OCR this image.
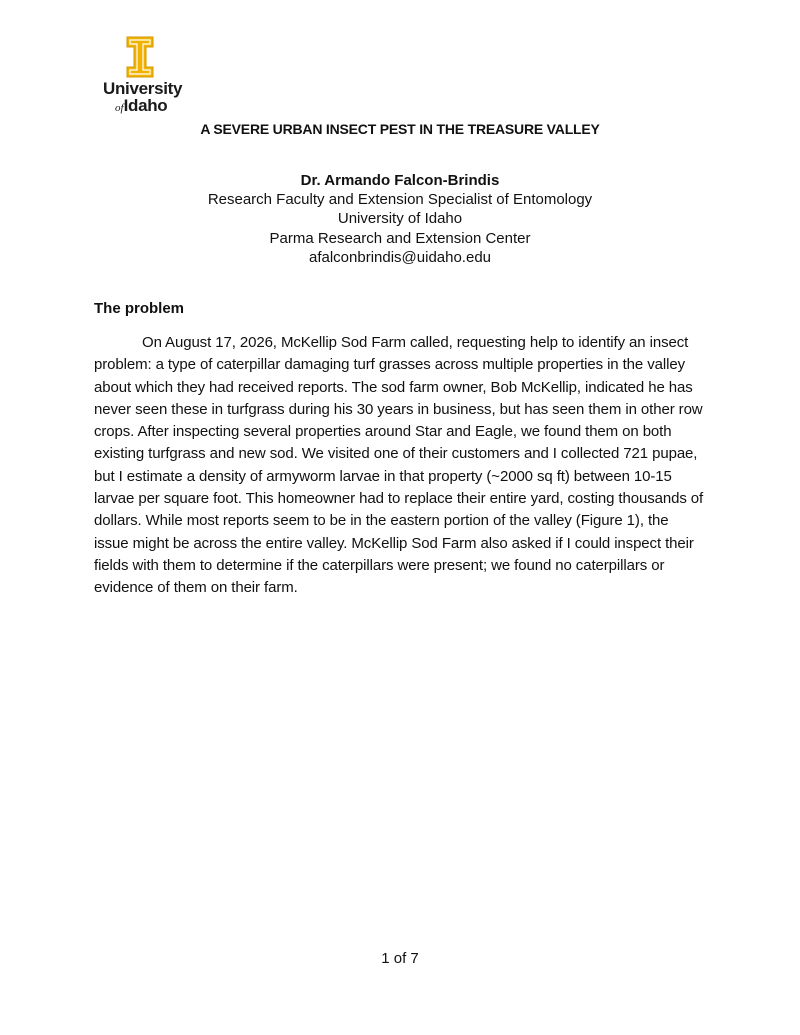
University
ofIdaho
A SEVERE URBAN INSECT PEST IN THE TREASURE VALLEY
Dr. Armando Falcon-Brindis
Research Faculty and Extension Specialist of Entomology
University of Idaho
Parma Research and Extension Center
afalconbrindis@uidaho.edu
The problem

On August 17, 2026, McKellip Sod Farm called, requesting help to identify an insect problem: a type of caterpillar damaging turf grasses across multiple properties in the valley about which they had received reports. The sod farm owner, Bob McKellip, indicated he has never seen these in turfgrass during his 30 years in business, but has seen them in other row crops. After inspecting several properties around Star and Eagle, we found them on both existing turfgrass and new sod. We visited one of their customers and I collected 721 pupae, but I estimate a density of armyworm larvae in that property (~2000 sq ft) between 10-15 larvae per square foot. This homeowner had to replace their entire yard, costing thousands of dollars. While most reports seem to be in the eastern portion of the valley (Figure 1), the issue might be across the entire valley. McKellip Sod Farm also asked if I could inspect their fields with them to determine if the caterpillars were present; we found no caterpillars or evidence of them on their farm.

1 of 7
